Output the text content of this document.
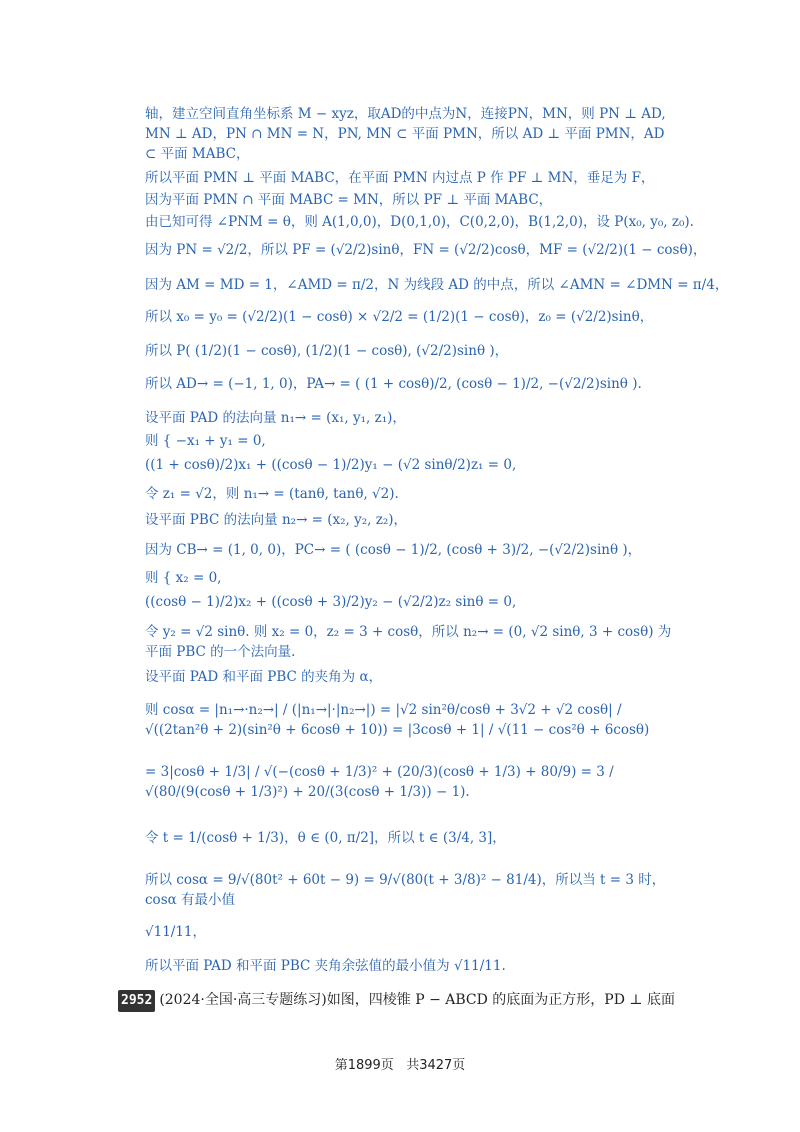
轴，建立空间直角坐标系 M − xyz，取AD的中点为N，连接PN，MN，则 PN ⊥ AD, MN ⊥ AD，PN ∩ MN = N，PN, MN ⊂ 平面 PMN，所以 AD ⊥ 平面 PMN，AD ⊂ 平面 MABC，
所以平面 PMN ⊥ 平面 MABC，在平面 PMN 内过点 P 作 PF ⊥ MN，垂足为 F，
因为平面 PMN ∩ 平面 MABC = MN，所以 PF ⊥ 平面 MABC，
由已知可得 ∠PNM = θ，则 A(1,0,0)，D(0,1,0)，C(0,2,0)，B(1,2,0)，设 P(x₀, y₀, z₀).
因为 PN = √2/2，所以 PF = (√2/2)sinθ，FN = (√2/2)cosθ，MF = (√2/2)(1 − cosθ)，
因为 AM = MD = 1，∠AMD = π/2，N 为线段 AD 的中点，所以 ∠AMN = ∠DMN = π/4，
所以 x₀ = y₀ = (√2/2)(1 − cosθ) × √2/2 = (1/2)(1 − cosθ)，z₀ = (√2/2)sinθ，
所以 P( (1/2)(1 − cosθ), (1/2)(1 − cosθ), (√2/2)sinθ )，
所以 AD→ = (−1, 1, 0)，PA→ = ( (1 + cosθ)/2, (cosθ − 1)/2, −(√2/2)sinθ ).
设平面 PAD 的法向量 n₁→ = (x₁, y₁, z₁)，
则 { −x₁ + y₁ = 0,
((1 + cosθ)/2)x₁ + ((cosθ − 1)/2)y₁ − (√2 sinθ/2)z₁ = 0,
令 z₁ = √2，则 n₁→ = (tanθ, tanθ, √2).
设平面 PBC 的法向量 n₂→ = (x₂, y₂, z₂)，
因为 CB→ = (1, 0, 0)，PC→ = ( (cosθ − 1)/2, (cosθ + 3)/2, −(√2/2)sinθ )，
则 { x₂ = 0,
((cosθ − 1)/2)x₂ + ((cosθ + 3)/2)y₂ − (√2/2)z₂ sinθ = 0,
令 y₂ = √2 sinθ. 则 x₂ = 0，z₂ = 3 + cosθ，所以 n₂→ = (0, √2 sinθ, 3 + cosθ) 为平面 PBC 的一个法向量.
设平面 PAD 和平面 PBC 的夹角为 α，
则 cosα = |n₁→·n₂→| / (|n₁→|·|n₂→|) = |√2 sin²θ/cosθ + 3√2 + √2 cosθ| / √((2tan²θ + 2)(sin²θ + 6cosθ + 10)) = |3cosθ + 1| / √(11 − cos²θ + 6cosθ)
= 3|cosθ + 1/3| / √(−(cosθ + 1/3)² + (20/3)(cosθ + 1/3) + 80/9) = 3 / √(80/(9(cosθ + 1/3)²) + 20/(3(cosθ + 1/3)) − 1).
令 t = 1/(cosθ + 1/3)，θ ∈ (0, π/2]，所以 t ∈ (3/4, 3]，
所以 cosα = 9/√(80t² + 60t − 9) = 9/√(80(t + 3/8)² − 81/4)，所以当 t = 3 时，cosα 有最小值
√11/11，
所以平面 PAD 和平面 PBC 夹角余弦值的最小值为 √11/11.
2952 (2024·全国·高三专题练习)如图，四棱锥 P − ABCD 的底面为正方形，PD ⊥ 底面
第1899页 共3427页
